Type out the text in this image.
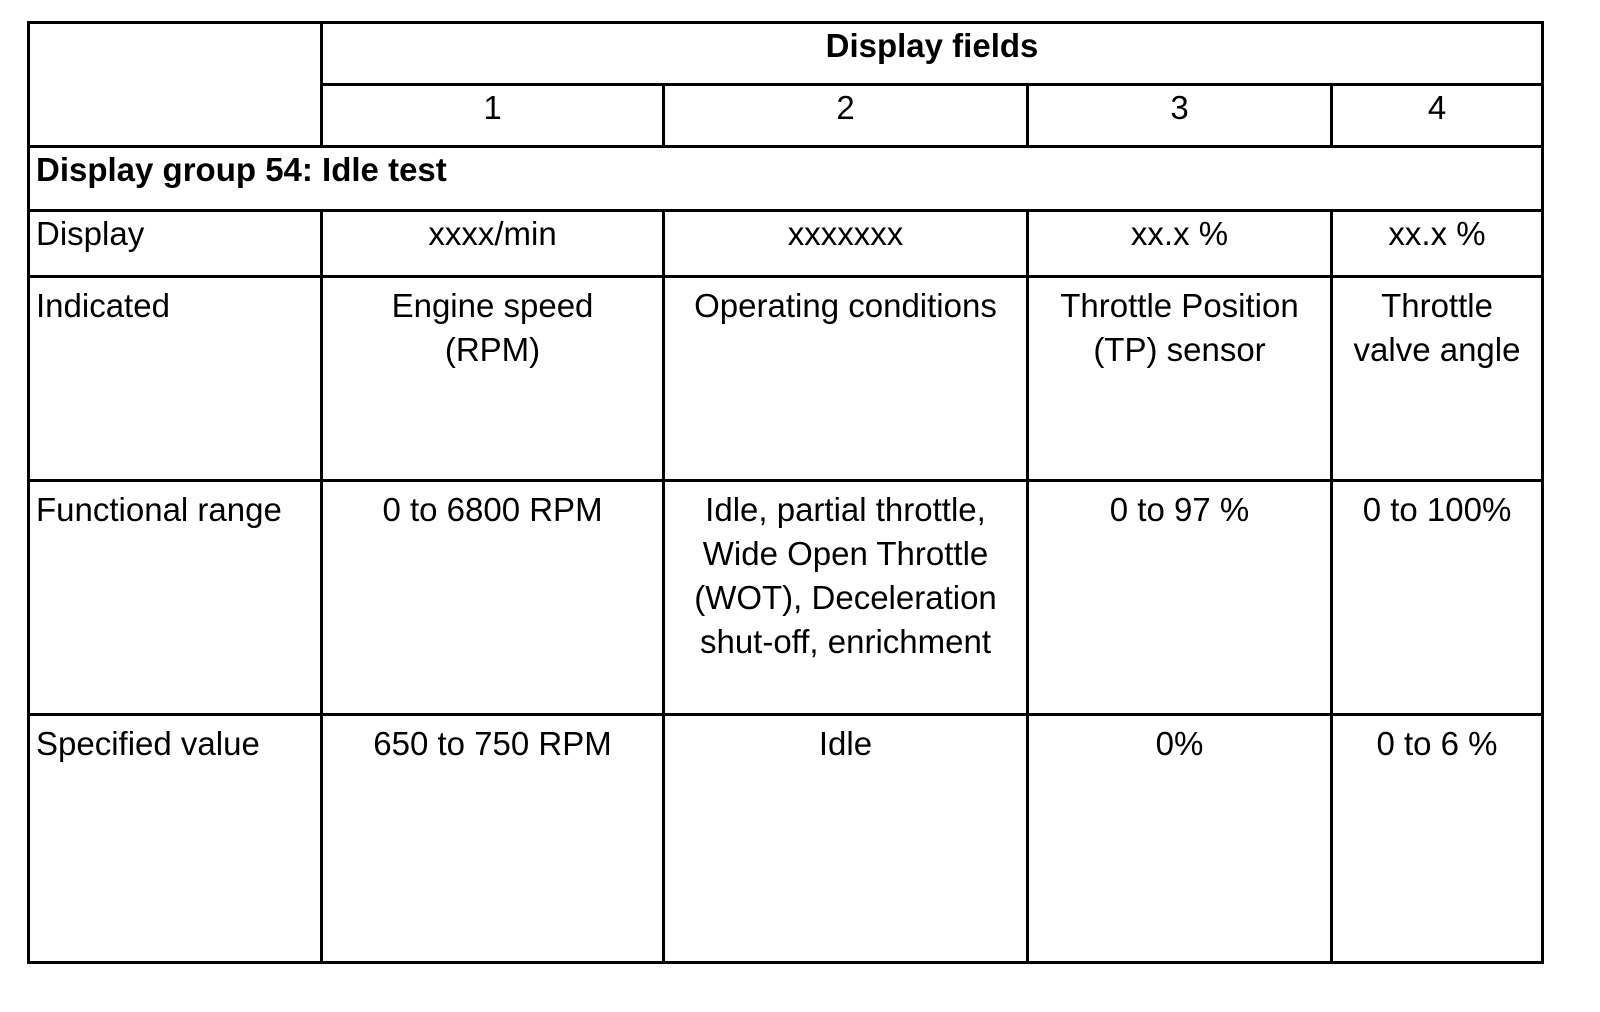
	Display fields			
	1	2	3	4
Display group 54: Idle test				
Display	xxxx/min	xxxxxxx	xx.x %	xx.x %

Indicated	Engine speed (RPM)	Operating conditions	Throttle Position (TP) sensor	Throttle valve angle

Functional range	0 to 6800 RPM	Idle, partial throttle, Wide Open Throttle (WOT), Deceleration shut-off, enrichment	0 to 97 %	0 to 100%

Specified value	650 to 750 RPM	Idle	0%	0 to 6 %
